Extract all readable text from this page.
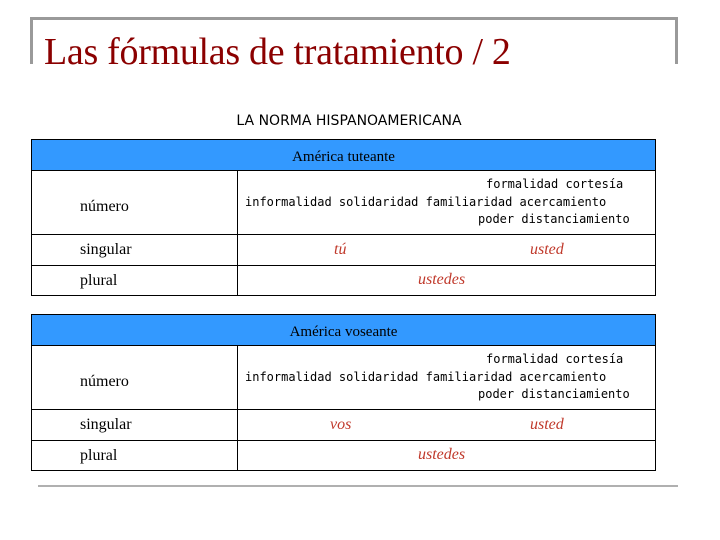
Las fórmulas de tratamiento / 2
LA NORMA HISPANOAMERICANA
América tuteante	
número	formalidad cortesía
informalidad solidaridad familiaridad acercamiento
poder distanciamiento

singular	tú usted

plural	ustedes
América voseante	
número	formalidad cortesía
informalidad solidaridad familiaridad acercamiento
poder distanciamiento

singular	vos usted

plural	ustedes
